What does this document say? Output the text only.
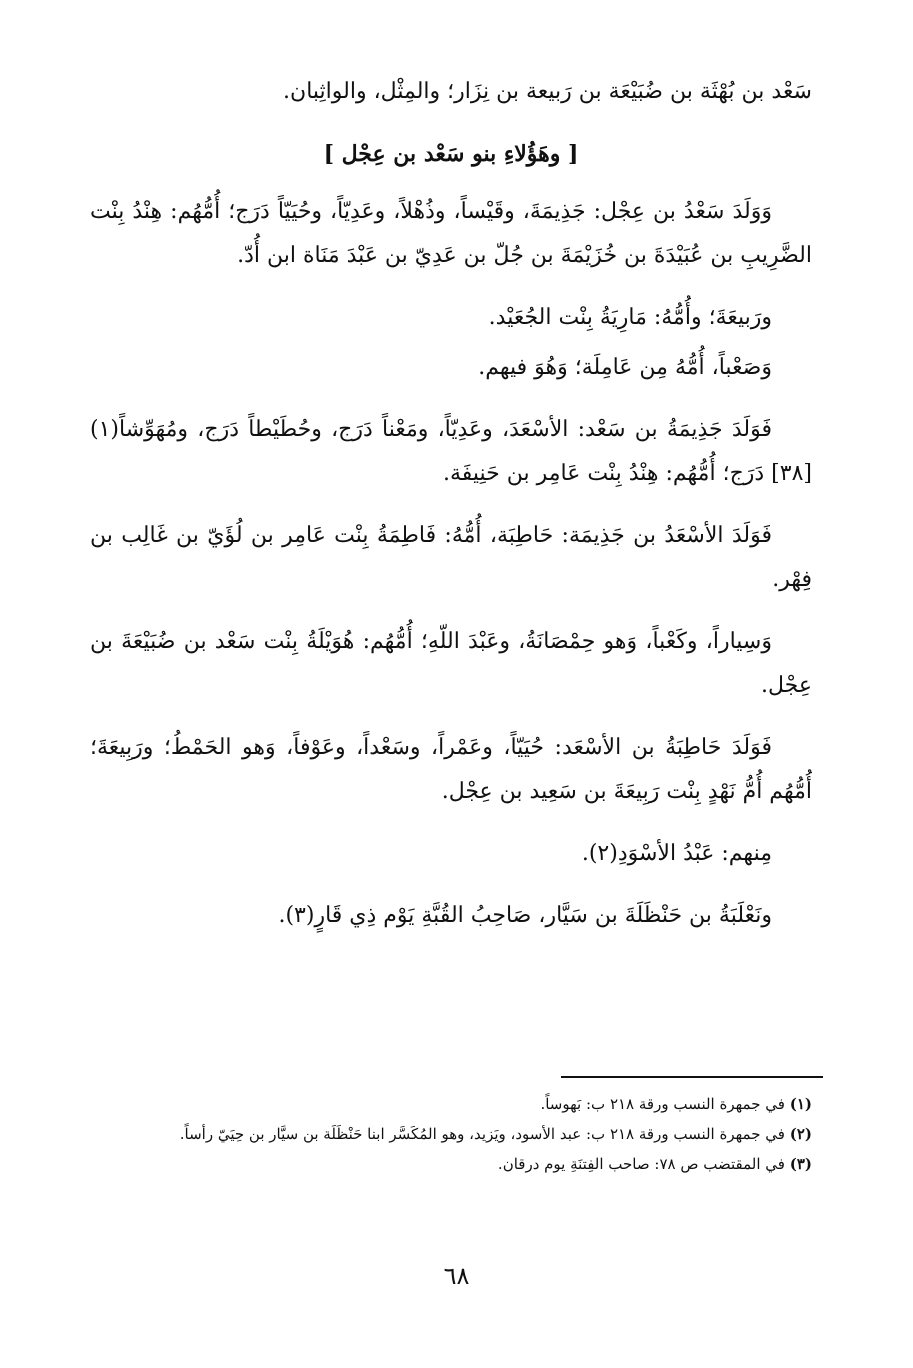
سَعْد بن بُهْثَة بن ضُبَيْعَة بن رَبيعة بن نِزَار؛ والمِثْل، والواثِبان.

[ وهَؤُلاءِ بنو سَعْد بن عِجْل ]

وَوَلَدَ سَعْدُ بن عِجْل: جَذِيمَةَ، وقَيْساً، وذُهْلاً، وعَدِيّاً، وحُيَيّاً دَرَج؛ أُمُّهُم: هِنْدُ بِنْت الضَّرِيبِ بن عُبَيْدَةَ بن خُزَيْمَةَ بن جُلّ بن عَدِيّ بن عَبْدَ مَنَاة ابن أُدّ.

ورَبيعَةَ؛ وأُمُّهُ: مَارِيَةُ بِنْت الجُعَيْد.

وَصَعْباً، أُمُّهُ مِن عَامِلَة؛ وَهُوَ فيهم.

فَوَلَدَ جَذِيمَةُ بن سَعْد: الأسْعَدَ، وعَدِيّاً، ومَعْناً دَرَج، وحُطَيْطاً دَرَج، ومُهَوِّشاً(١) [٣٨] دَرَج؛ أُمُّهُم: هِنْدُ بِنْت عَامِر بن حَنِيفَة.

فَوَلَدَ الأسْعَدُ بن جَذِيمَة: حَاطِبَة، أُمُّهُ: فَاطِمَةُ بِنْت عَامِر بن لُؤَيّ بن غَالِب بن فِهْر.

وَسِياراً، وكَعْباً، وَهو حِمْصَانَةُ، وعَبْدَ اللّهِ؛ أُمُّهُم: هُوَيْلَةُ بِنْت سَعْد بن ضُبَيْعَةَ بن عِجْل.

فَوَلَدَ حَاطِبَةُ بن الأسْعَد: حُيَيّاً، وعَمْراً، وسَعْداً، وعَوْفاً، وَهو الحَمْطُ؛ ورَبِيعَةَ؛ أُمُّهُم أُمُّ نَهْدٍ بِنْت رَبِيعَةَ بن سَعِيد بن عِجْل.

مِنهم: عَبْدُ الأسْوَدِ(٢).

ونَعْلَبَةُ بن حَنْظَلَةَ بن سَيَّار، صَاحِبُ القُبَّةِ يَوْم ذِي قَارٍ(٣).

(١) في جمهرة النسب ورقة ٢١٨ ب: بَهوساً.

(٢) في جمهرة النسب ورقة ٢١٨ ب: عبد الأسود، ويَزيد، وهو المُكَسَّر ابنا حَنْظَلَة بن سيَّار بن حِيَيّ رأساً.

(٣) في المقتضب ص ٧٨: صاحب الفِتنَةِ يوم درقان.

٦٨
